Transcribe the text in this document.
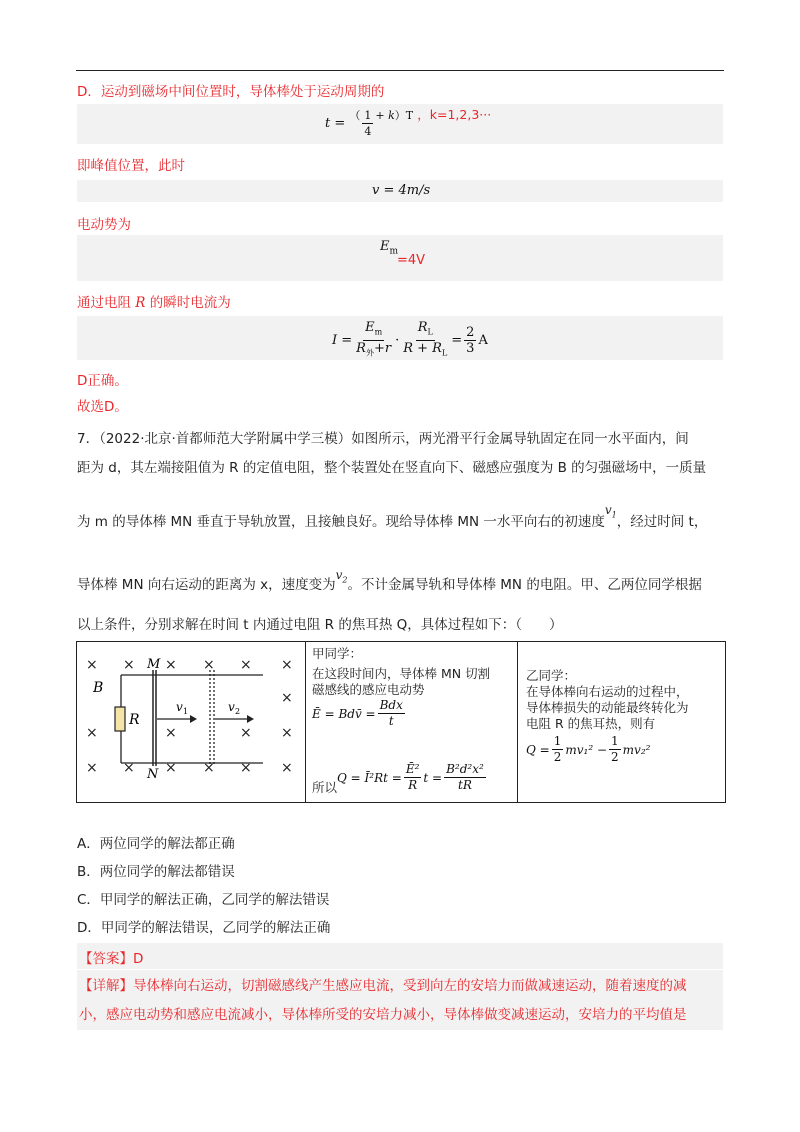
D．运动到磁场中间位置时，导体棒处于运动周期的
$t = ^( \frac{1}{4} ^{+ k)T}$ ，k=1,2,3···
即峰值位置，此时
v = 4m/s
电动势为
$E_m$
=4V
通过电阻 R 的瞬时电流为
$I = \frac{E_m}{R_外+r} \cdot \frac{R_L}{R + R_L} = \frac{2}{3}$ A
D正确。
故选D。
7．（2022·北京·首都师范大学附属中学三模）如图所示，两光滑平行金属导轨固定在同一水平面内，间
距为 d，其左端接阻值为 R 的定值电阻，整个装置处在竖直向下、磁感应强度为 B 的匀强磁场中，一质量
为 m 的导体棒 MN 垂直于导轨放置，且接触良好。现给导体棒 MN 一水平向右的初速度$v_1$，经过时间 t，
导体棒 MN 向右运动的距离为 x，速度变为$v_2$。不计金属导轨和导体棒 MN 的电阻。甲、乙两位同学根据
以上条件，分别求解在时间 t 内通过电阻 R 的焦耳热 Q，具体过程如下：（　　）
× × × × × ×
×	×	× ×
×
×
× × × × ×
M
N
B
R
v 1	v 2
甲同学：
在这段时间内，导体棒 MN 切割
磁感线的感应电动势
Ē = Bdv̄ = $\frac{\text{Bdx}}{t}$
所以
Q = Ī²Rt = $\frac{\text{Ē²}}{R}$ $t = \frac{\text{B²d²x²}}{tR}$
乙同学：
在导体棒向右运动的过程中，
导体棒损失的动能最终转化为
电阻 R 的焦耳热，则有
$Q = \frac{1}{2} mv_1^2 - \frac{1}{2} mv_2^2$
A．两位同学的解法都正确
B．两位同学的解法都错误
C．甲同学的解法正确，乙同学的解法错误
D．甲同学的解法错误，乙同学的解法正确
【答案】D
【详解】导体棒向右运动，切割磁感线产生感应电流，受到向左的安培力而做减速运动，随着速度的减
小，感应电动势和感应电流减小，导体棒所受的安培力减小，导体棒做变减速运动，安培力的平均值是
